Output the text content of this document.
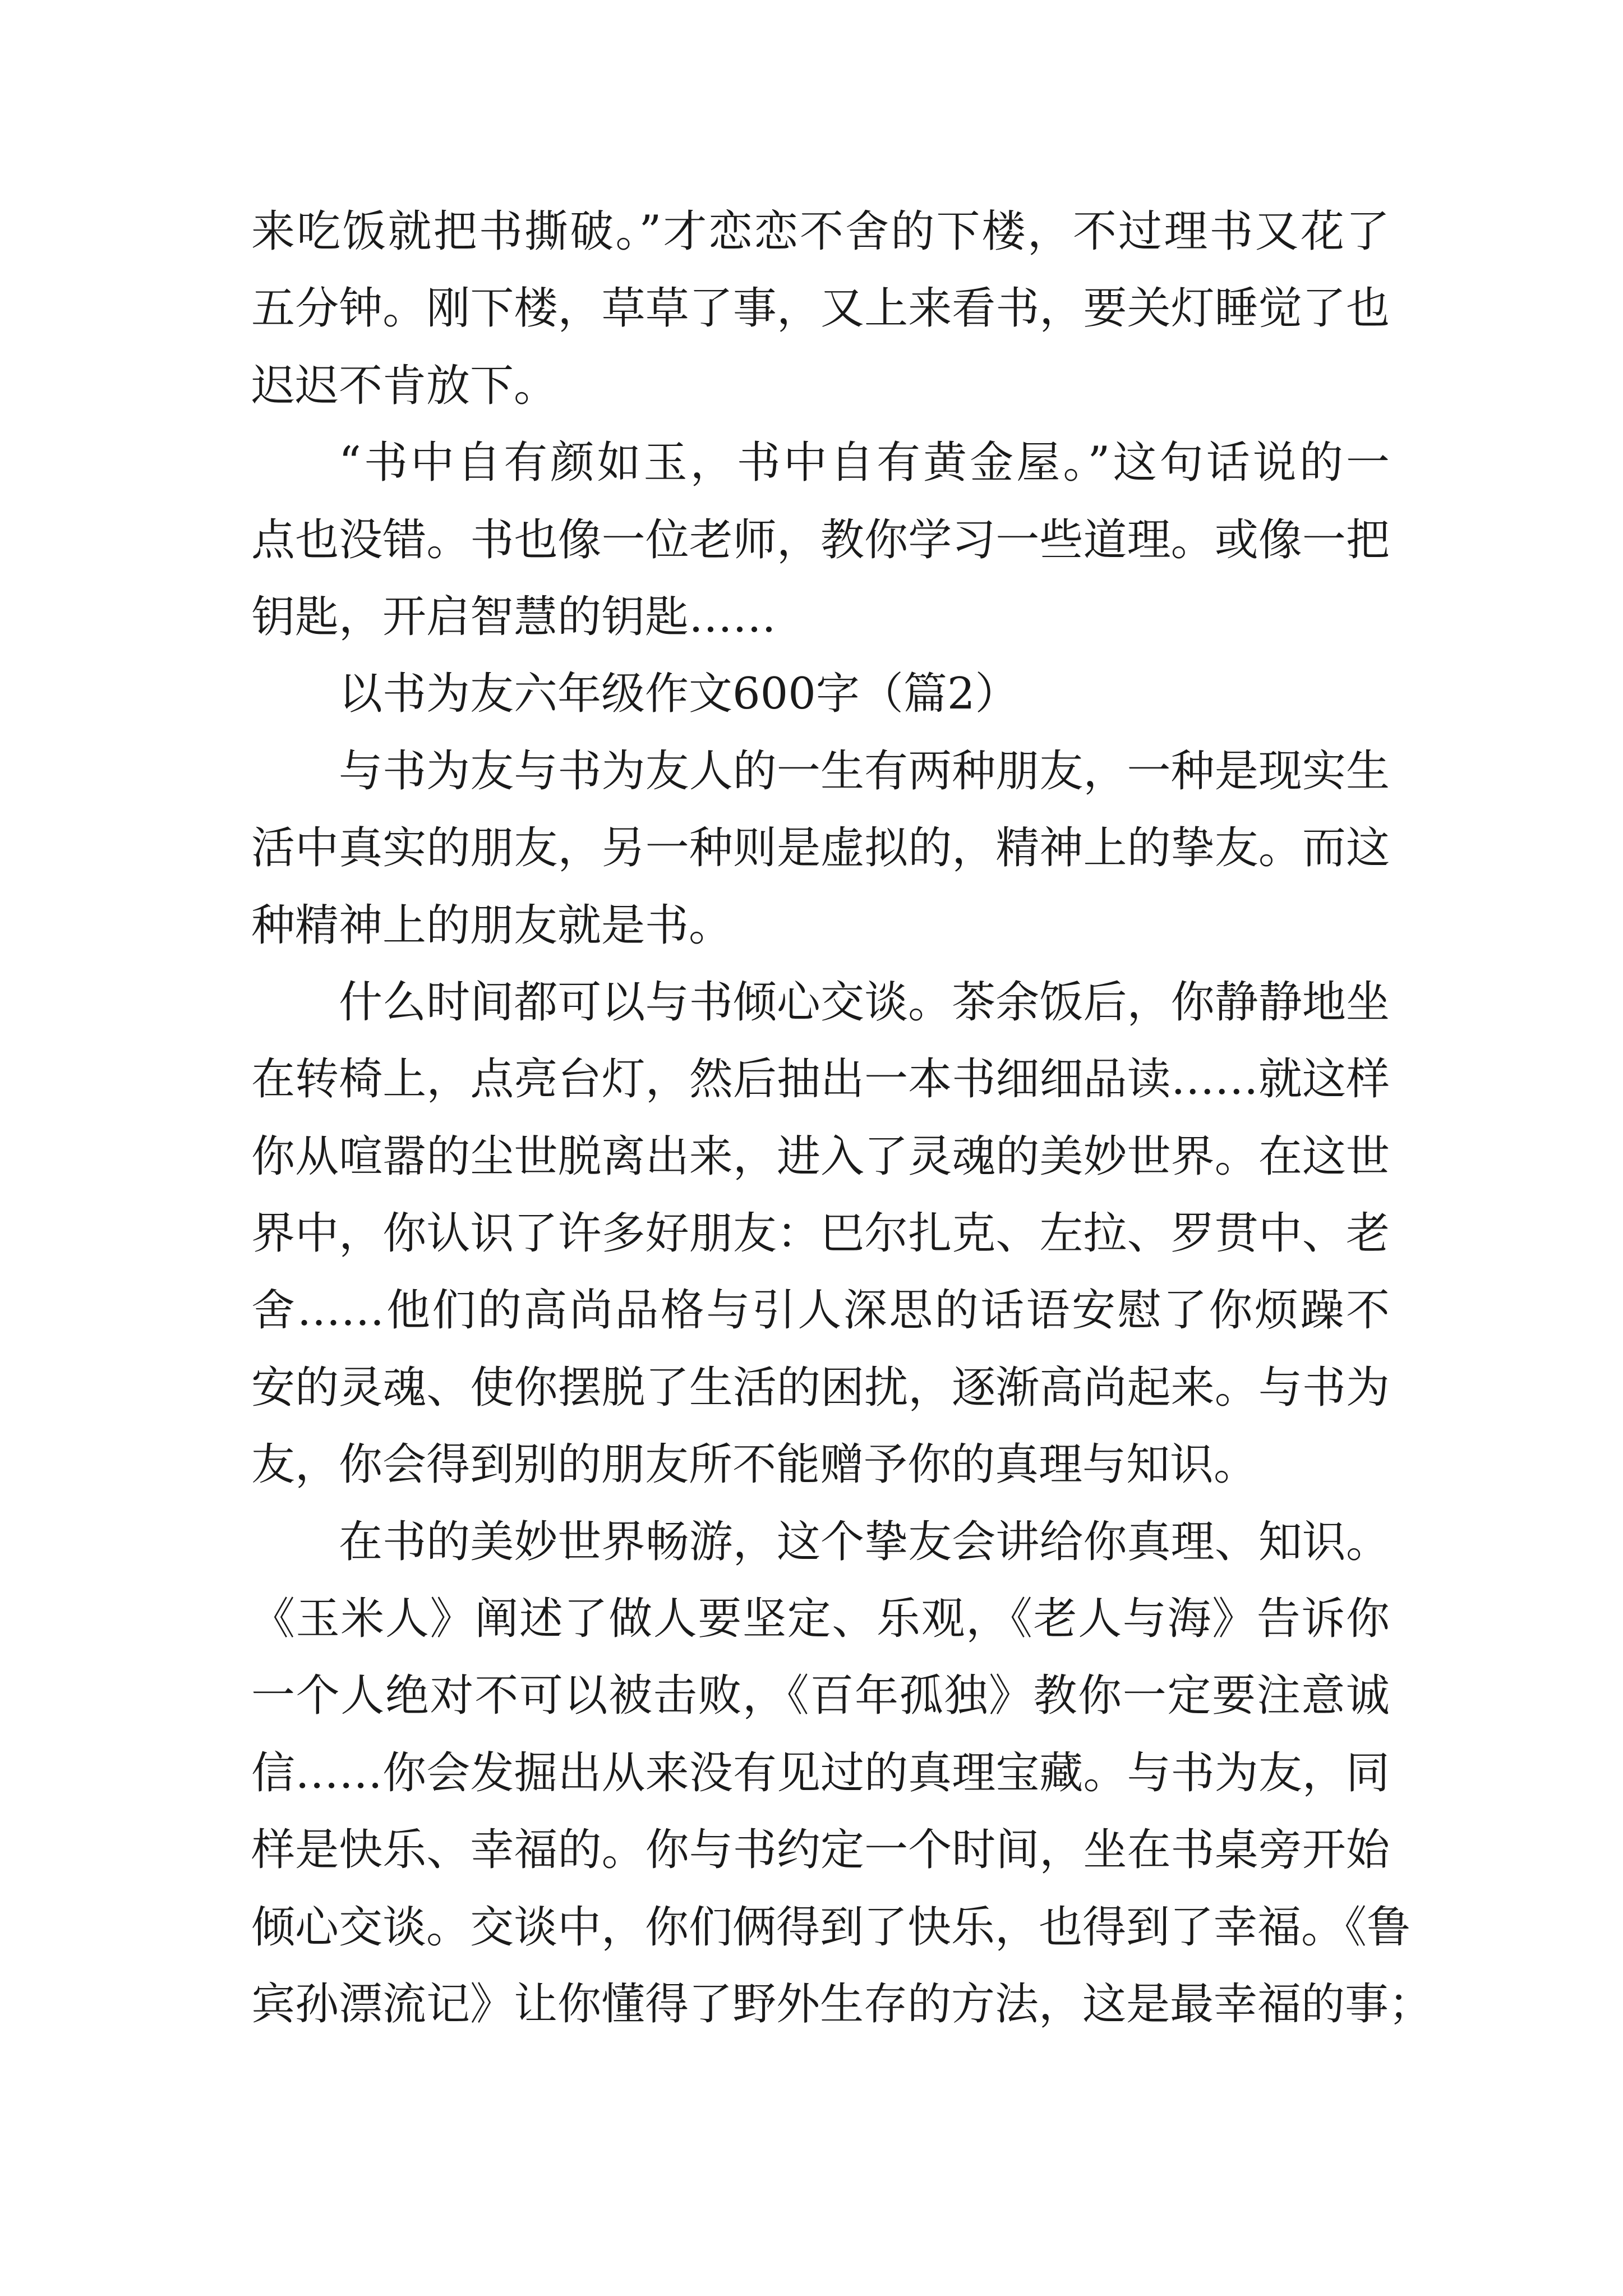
来吃饭就把书撕破。”才恋恋不舍的下楼，不过理书又花了
五分钟。刚下楼，草草了事，又上来看书，要关灯睡觉了也
迟迟不肯放下。
“书中自有颜如玉，书中自有黄金屋。”这句话说的一
点也没错。书也像一位老师，教你学习一些道理。或像一把
钥匙，开启智慧的钥匙……
以书为友六年级作文600字（篇2）
与书为友与书为友人的一生有两种朋友，一种是现实生
活中真实的朋友，另一种则是虚拟的，精神上的挚友。而这
种精神上的朋友就是书。
什么时间都可以与书倾心交谈。茶余饭后，你静静地坐
在转椅上，点亮台灯，然后抽出一本书细细品读……就这样
你从喧嚣的尘世脱离出来，进入了灵魂的美妙世界。在这世
界中，你认识了许多好朋友：巴尔扎克、左拉、罗贯中、老
舍……他们的高尚品格与引人深思的话语安慰了你烦躁不
安的灵魂、使你摆脱了生活的困扰，逐渐高尚起来。与书为
友，你会得到别的朋友所不能赠予你的真理与知识。
在书的美妙世界畅游，这个挚友会讲给你真理、知识。
《玉米人》阐述了做人要坚定、乐观，《老人与海》告诉你
一个人绝对不可以被击败，《百年孤独》教你一定要注意诚
信……你会发掘出从来没有见过的真理宝藏。与书为友，同
样是快乐、幸福的。你与书约定一个时间，坐在书桌旁开始
倾心交谈。交谈中，你们俩得到了快乐，也得到了幸福。《鲁
宾孙漂流记》让你懂得了野外生存的方法，这是最幸福的事；
